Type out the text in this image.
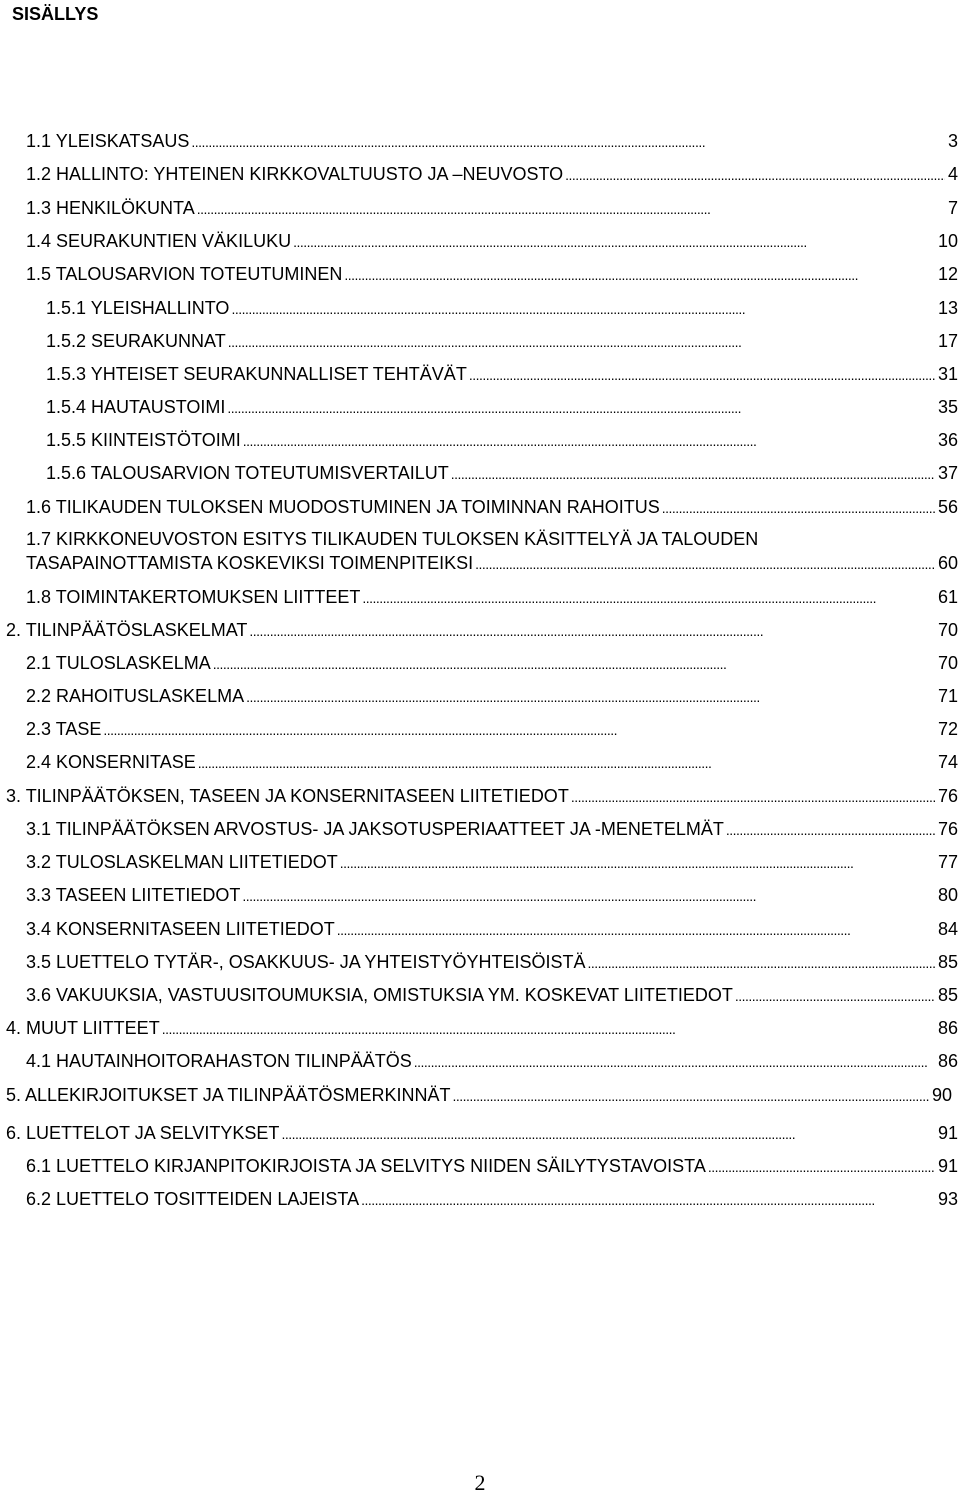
SISÄLLYS
1.1 YLEISKATSAUS . . .	3
1.2 HALLINTO: YHTEINEN KIRKKOVALTUUSTO JA –NEUVOSTO . . .	4
1.3 HENKILÖKUNTA . . .	7
1.4 SEURAKUNTIEN VÄKILUKU . . .	10
1.5 TALOUSARVION TOTEUTUMINEN . . .	12
1.5.1 YLEISHALLINTO . . .	13
1.5.2 SEURAKUNNAT . . .	17
1.5.3 YHTEISET SEURAKUNNALLISET TEHTÄVÄT . . .	31
1.5.4 HAUTAUSTOIMI . . .	35
1.5.5 KIINTEISTÖTOIMI . . .	36
1.5.6 TALOUSARVION TOTEUTUMISVERTAILUT . . .	37
1.6 TILIKAUDEN TULOKSEN MUODOSTUMINEN JA TOIMINNAN RAHOITUS . . .	56
1.7 KIRKKONEUVOSTON ESITYS TILIKAUDEN TULOKSEN KÄSITTELYÄ JA TALOUDEN
TASAPAINOTTAMISTA KOSKEVIKSI TOIMENPITEIKSI . . .	60
1.8 TOIMINTAKERTOMUKSEN LIITTEET . . .	61
2. TILINPÄÄTÖSLASKELMAT . . .	70
2.1 TULOSLASKELMA . . .	70
2.2 RAHOITUSLASKELMA . . .	71
2.3 TASE . . .	72
2.4 KONSERNITASE . . .	74
3. TILINPÄÄTÖKSEN, TASEEN JA KONSERNITASEEN LIITETIEDOT . . .	76
3.1 TILINPÄÄTÖKSEN ARVOSTUS- JA JAKSOTUSPERIAATTEET JA -MENETELMÄT . . .	76
3.2 TULOSLASKELMAN LIITETIEDOT . . .	77
3.3 TASEEN LIITETIEDOT . . .	80
3.4 KONSERNITASEEN LIITETIEDOT . . .	84
3.5 LUETTELO TYTÄR-, OSAKKUUS- JA YHTEISTYÖYHTEISÖISTÄ . . .	85
3.6 VAKUUKSIA, VASTUUSITOUMUKSIA, OMISTUKSIA YM. KOSKEVAT LIITETIEDOT . . .	85
4. MUUT LIITTEET . . .	86
4.1 HAUTAINHOITORAHASTON TILINPÄÄTÖS . . .	86
5. ALLEKIRJOITUKSET JA TILINPÄÄTÖSMERKINNÄT . . .	90
6. LUETTELOT JA SELVITYKSET . . .	91
6.1 LUETTELO KIRJANPITOKIRJOISTA JA SELVITYS NIIDEN SÄILYTYSTAVOISTA . . .	91
6.2 LUETTELO TOSITTEIDEN LAJEISTA . . .	93
2
